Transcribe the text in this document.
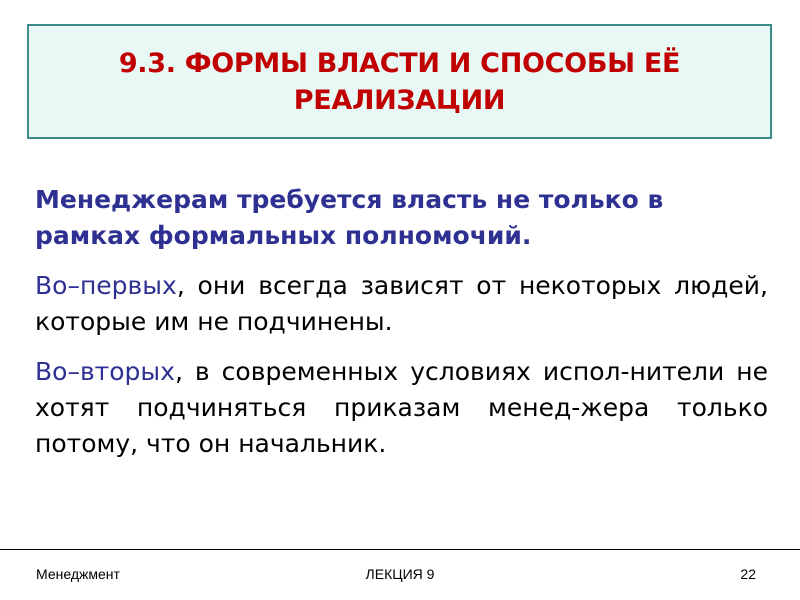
9.3. ФОРМЫ ВЛАСТИ И СПОСОБЫ ЕЁ РЕАЛИЗАЦИИ

Менеджерам требуется власть не только в рамках формальных полномочий.

Во–первых, они всегда зависят от некоторых людей, которые им не подчинены.

Во–вторых, в современных условиях испол-нители не хотят подчиняться приказам менед-жера только потому, что он начальник.

Менеджмент	ЛЕКЦИЯ 9	22
